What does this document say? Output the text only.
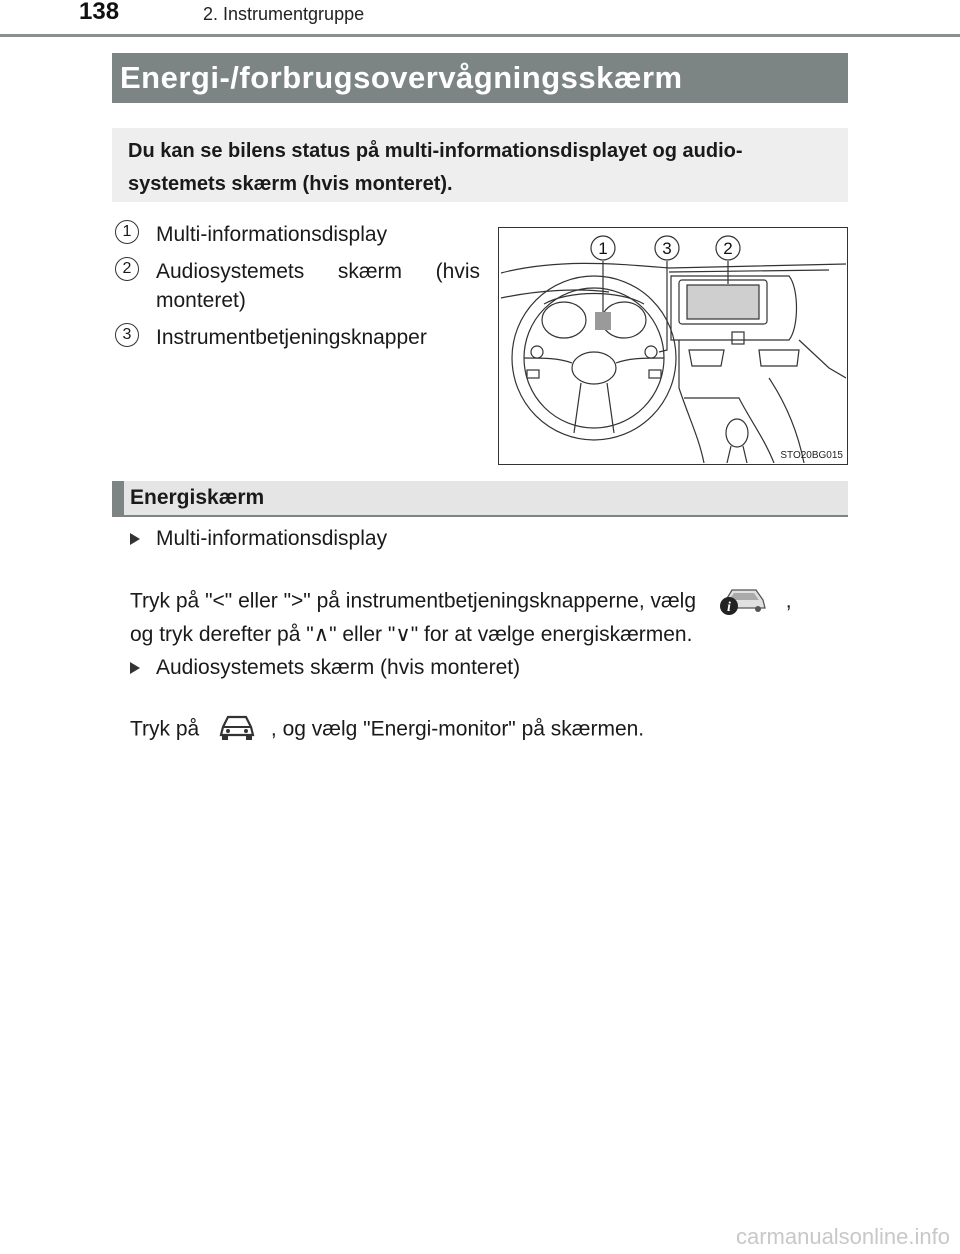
138	2. Instrumentgruppe
Energi-/forbrugsovervågningsskærm
Du kan se bilens status på multi-informationsdisplayet og audio-
systemets skærm (hvis monteret).
1	Multi-informationsdisplay
2	Audiosystemets skærm (hvis monteret)
3	Instrumentbetjeningsknapper
1	3	2
STO20BG015
Energiskærm
Multi-informationsdisplay
Tryk på "<" eller ">" på instrumentbetjeningsknapperne, vælg i	,
og tryk derefter på "∧" eller "∨" for at vælge energiskærmen.
Audiosystemets skærm (hvis monteret)
Tryk på	, og vælg "Energi-monitor" på skærmen.
carmanualsonline.info
